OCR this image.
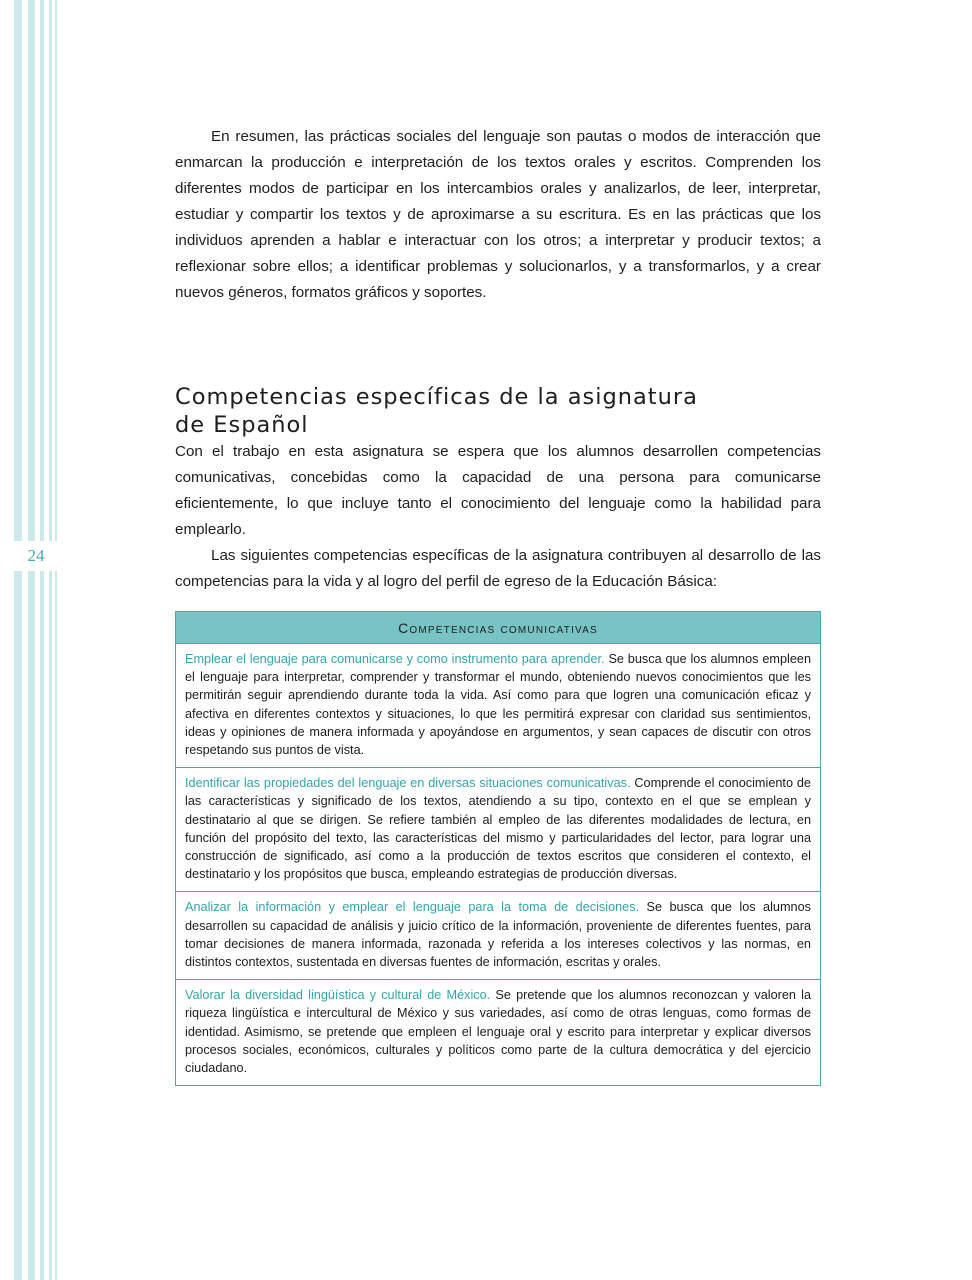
24

En resumen, las prácticas sociales del lenguaje son pautas o modos de interacción que enmarcan la producción e interpretación de los textos orales y escritos. Comprenden los diferentes modos de participar en los intercambios orales y analizarlos, de leer, interpretar, estudiar y compartir los textos y de aproximarse a su escritura. Es en las prácticas que los individuos aprenden a hablar e interactuar con los otros; a interpretar y producir textos; a reflexionar sobre ellos; a identificar problemas y solucionarlos, y a transformarlos, y a crear nuevos géneros, formatos gráficos y soportes.

Competencias específicas de la asignatura de Español

Con el trabajo en esta asignatura se espera que los alumnos desarrollen competencias comunicativas, concebidas como la capacidad de una persona para comunicarse eficientemente, lo que incluye tanto el conocimiento del lenguaje como la habilidad para emplearlo.

Las siguientes competencias específicas de la asignatura contribuyen al desarrollo de las competencias para la vida y al logro del perfil de egreso de la Educación Básica:

Competencias comunicativas
Emplear el lenguaje para comunicarse y como instrumento para aprender. Se busca que los alumnos empleen el lenguaje para interpretar, comprender y transformar el mundo, obteniendo nuevos conocimientos que les permitirán seguir aprendiendo durante toda la vida. Así como para que logren una comunicación eficaz y afectiva en diferentes contextos y situaciones, lo que les permitirá expresar con claridad sus sentimientos, ideas y opiniones de manera informada y apoyándose en argumentos, y sean capaces de discutir con otros respetando sus puntos de vista.
Identificar las propiedades del lenguaje en diversas situaciones comunicativas. Comprende el conocimiento de las características y significado de los textos, atendiendo a su tipo, contexto en el que se emplean y destinatario al que se dirigen. Se refiere también al empleo de las diferentes modalidades de lectura, en función del propósito del texto, las características del mismo y particularidades del lector, para lograr una construcción de significado, así como a la producción de textos escritos que consideren el contexto, el destinatario y los propósitos que busca, empleando estrategias de producción diversas.
Analizar la información y emplear el lenguaje para la toma de decisiones. Se busca que los alumnos desarrollen su capacidad de análisis y juicio crítico de la información, proveniente de diferentes fuentes, para tomar decisiones de manera informada, razonada y referida a los intereses colectivos y las normas, en distintos contextos, sustentada en diversas fuentes de información, escritas y orales.
Valorar la diversidad lingüística y cultural de México. Se pretende que los alumnos reconozcan y valoren la riqueza lingüística e intercultural de México y sus variedades, así como de otras lenguas, como formas de identidad. Asimismo, se pretende que empleen el lenguaje oral y escrito para interpretar y explicar diversos procesos sociales, económicos, culturales y políticos como parte de la cultura democrática y del ejercicio ciudadano.
